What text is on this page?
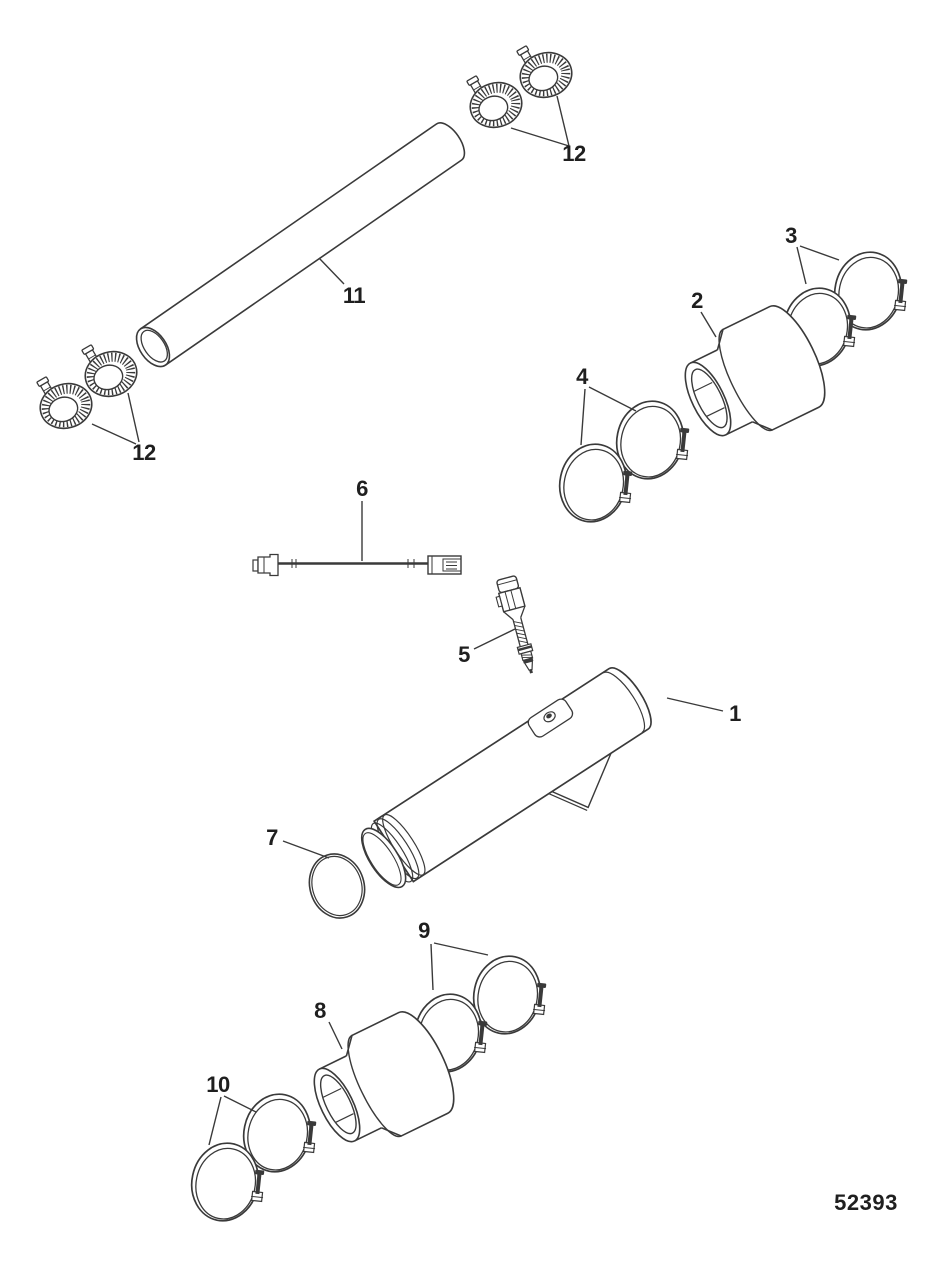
12
11
12
3
2
4
6
5
1
7
9
8
10
52393
